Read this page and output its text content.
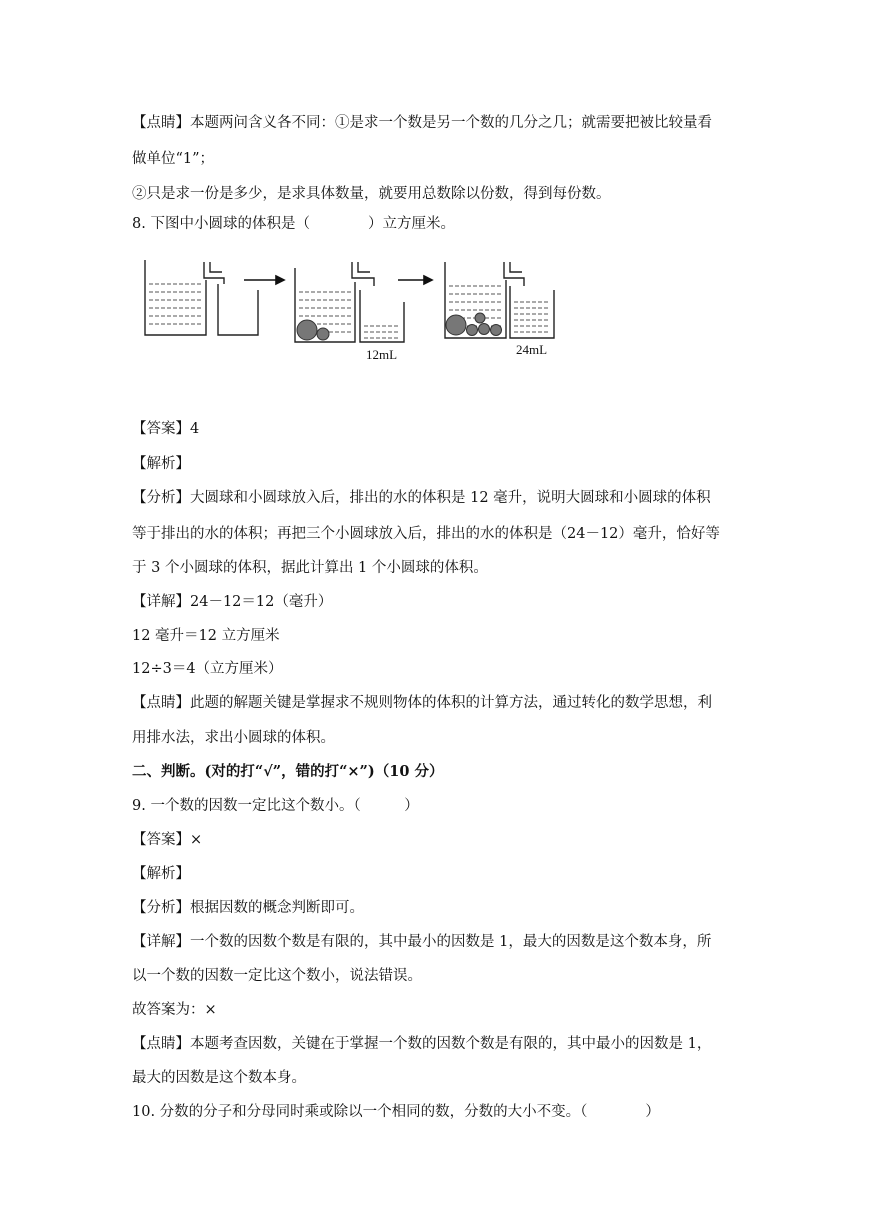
【点睛】本题两问含义各不同：①是求一个数是另一个数的几分之几；就需要把被比较量看
做单位“1”；
②只是求一份是多少，是求具体数量，就要用总数除以份数，得到每份数。
8. 下图中小圆球的体积是（　　　　）立方厘米。
12mL	24mL
【答案】4
【解析】
【分析】大圆球和小圆球放入后，排出的水的体积是 12 毫升，说明大圆球和小圆球的体积
等于排出的水的体积；再把三个小圆球放入后，排出的水的体积是（24－12）毫升，恰好等
于 3 个小圆球的体积，据此计算出 1 个小圆球的体积。
【详解】24－12＝12（毫升）
12 毫升＝12 立方厘米
12÷3＝4（立方厘米）
【点睛】此题的解题关键是掌握求不规则物体的体积的计算方法，通过转化的数学思想，利
用排水法，求出小圆球的体积。
二、判断。(对的打“√”，错的打“×”)（10 分）
9. 一个数的因数一定比这个数小。（　　　）
【答案】×
【解析】
【分析】根据因数的概念判断即可。
【详解】一个数的因数个数是有限的，其中最小的因数是 1，最大的因数是这个数本身，所
以一个数的因数一定比这个数小，说法错误。
故答案为：×
【点睛】本题考查因数，关键在于掌握一个数的因数个数是有限的，其中最小的因数是 1，
最大的因数是这个数本身。
10. 分数的分子和分母同时乘或除以一个相同的数，分数的大小不变。（　　　　）
